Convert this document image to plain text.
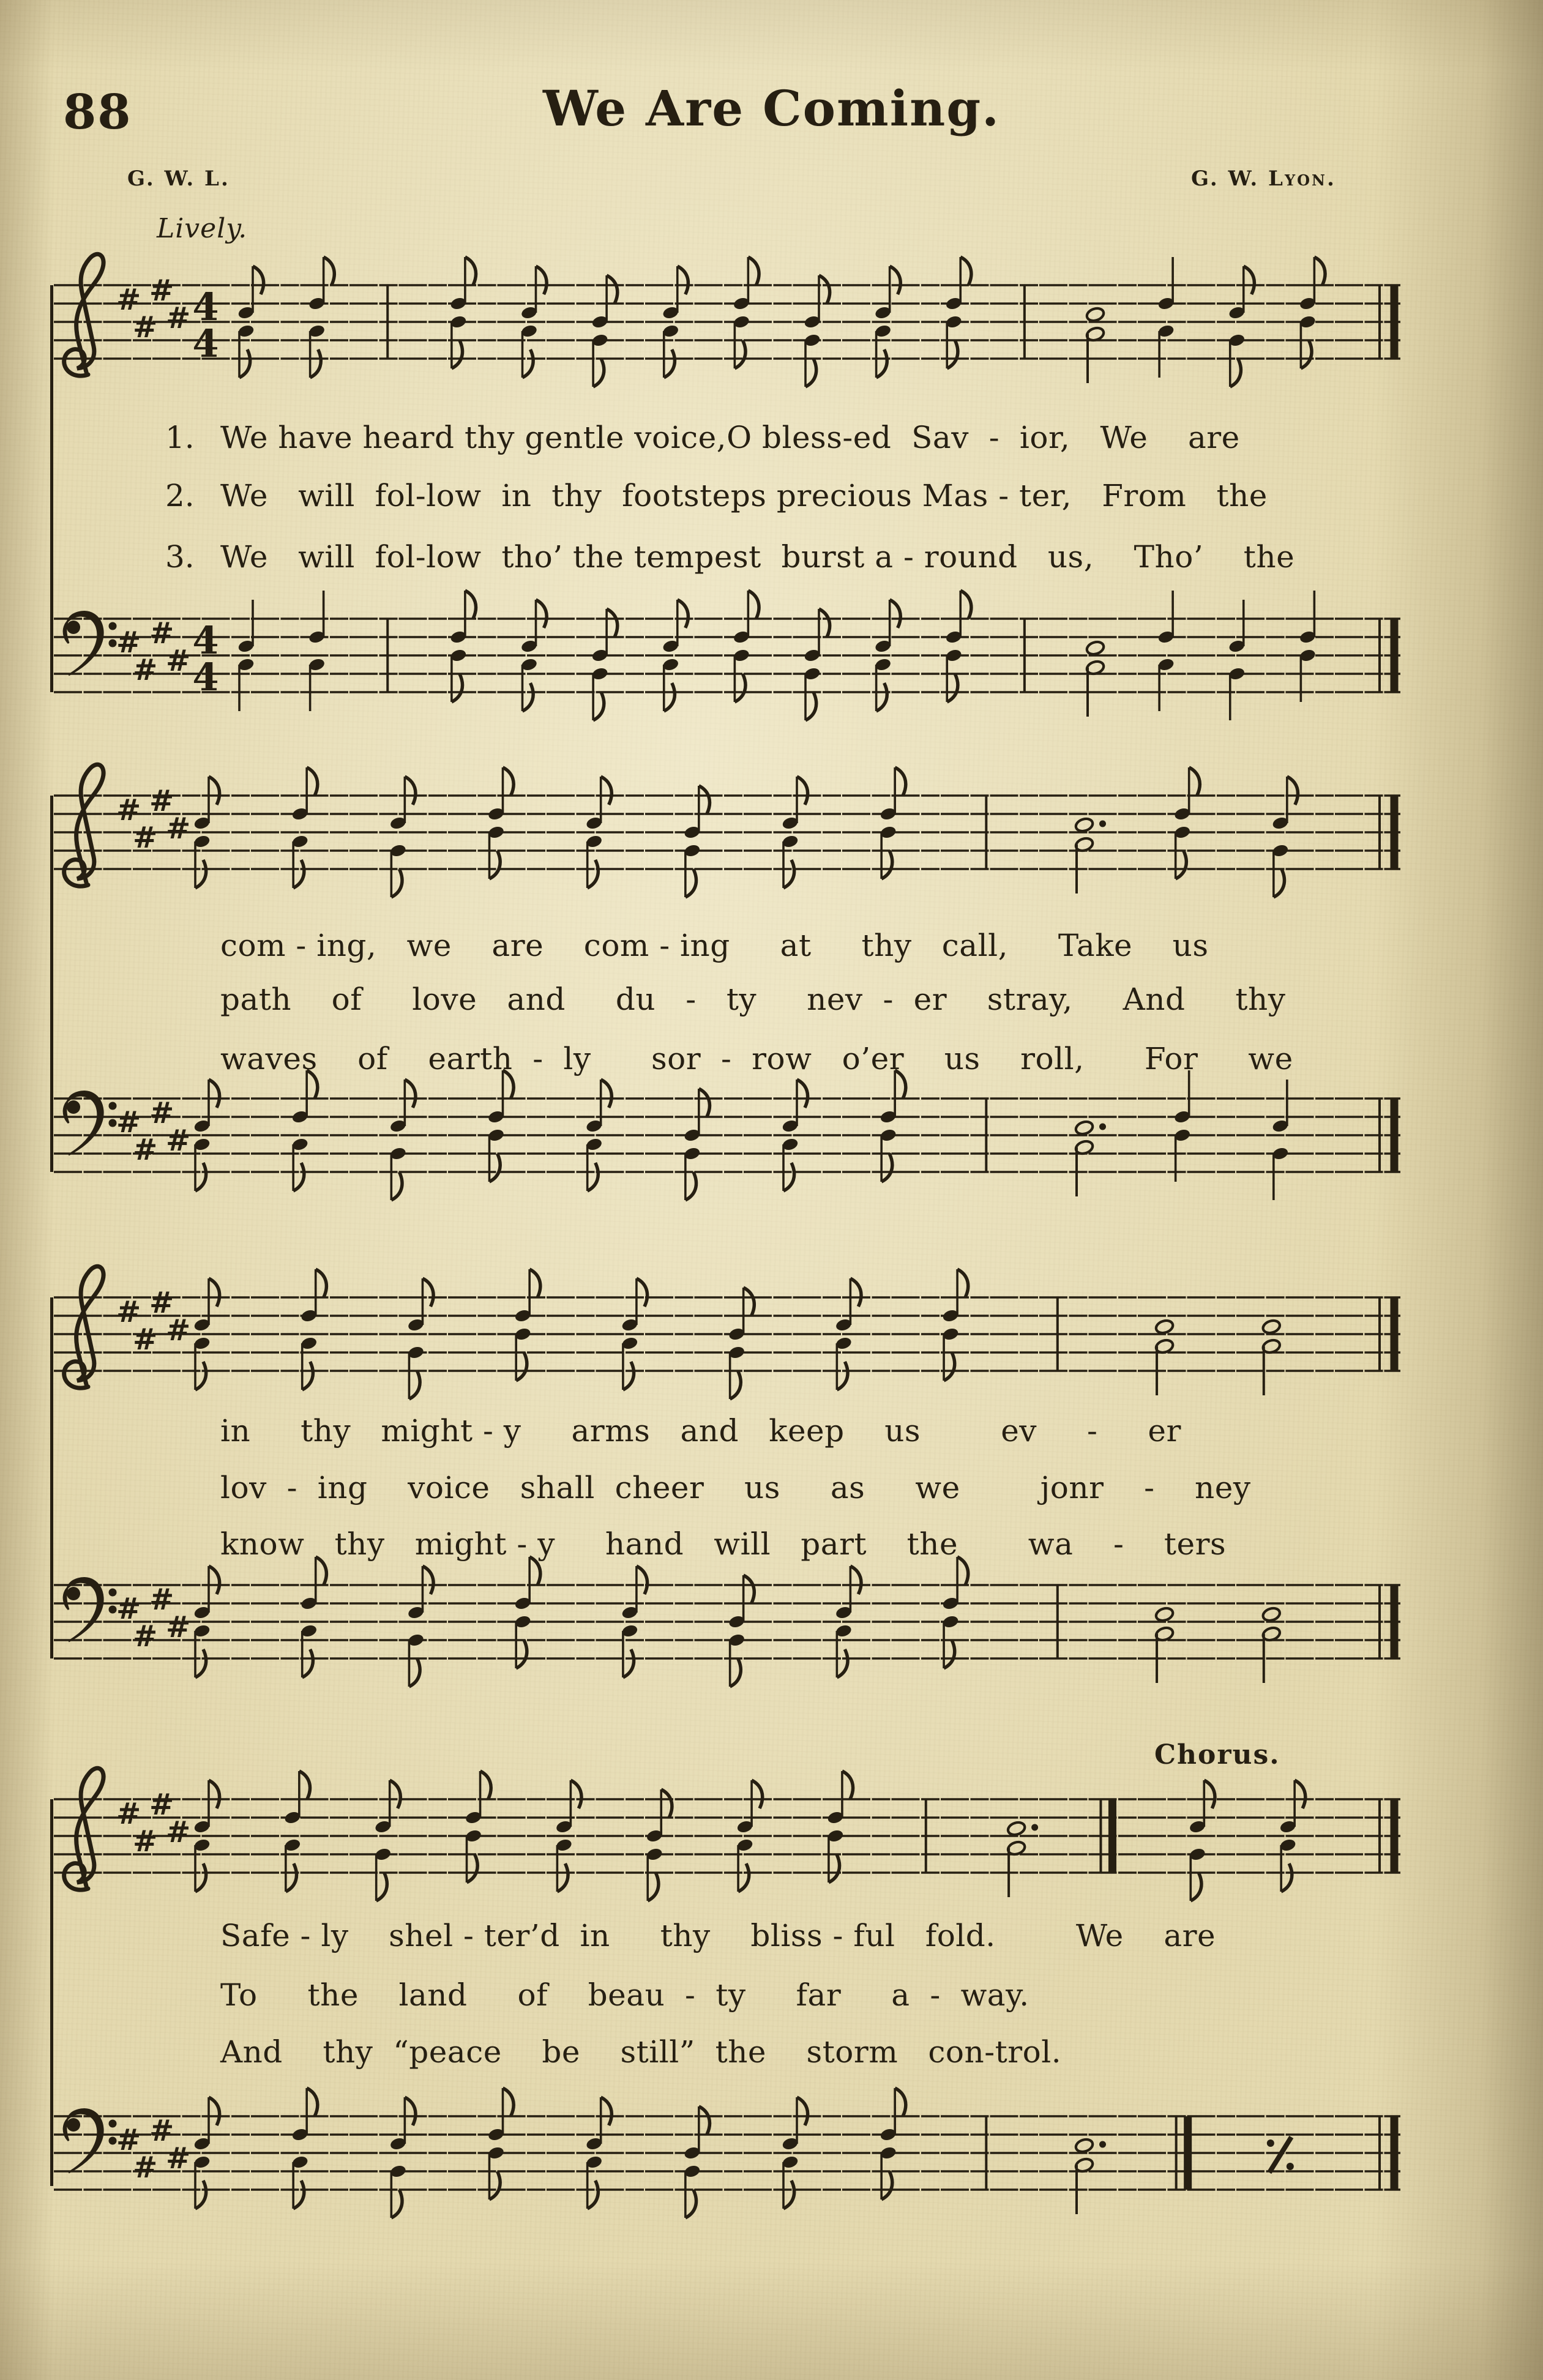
88	We Are Coming.
G. W. L.	G. W. Lyon.
Lively.
Chorus.
#
#
#
# 4
4
1. We have heard thy gentle voice,O bless-ed  Sav  -  ior,   We    are
2. We   will  fol-low  in  thy  footsteps precious Mas - ter,   From   the
3. We   will  fol-low  tho’ the tempest  burst a - round   us,    Tho’    the
#
#
#
# 4
4
#
#
#
#
com - ing,   we    are    com - ing     at     thy   call,     Take    us
path    of     love   and     du   -   ty     nev  -  er    stray,     And     thy
waves    of    earth  -  ly      sor  -  row   o’er    us    roll,      For     we
#
#
#
#
#
#
#
#
in     thy   might - y     arms   and   keep    us        ev     -     er
lov  -  ing    voice   shall  cheer    us     as     we        jonr    -    ney
know   thy   might - y     hand   will   part    the       wa    -    ters
#
#
#
#
#
#
#
#
Safe - ly    shel - ter’d  in     thy    bliss - ful   fold.        We    are
To     the    land     of    beau  -  ty     far     a  -  way.
And    thy  “peace    be    still”  the    storm   con-trol.
#
#
#
#
